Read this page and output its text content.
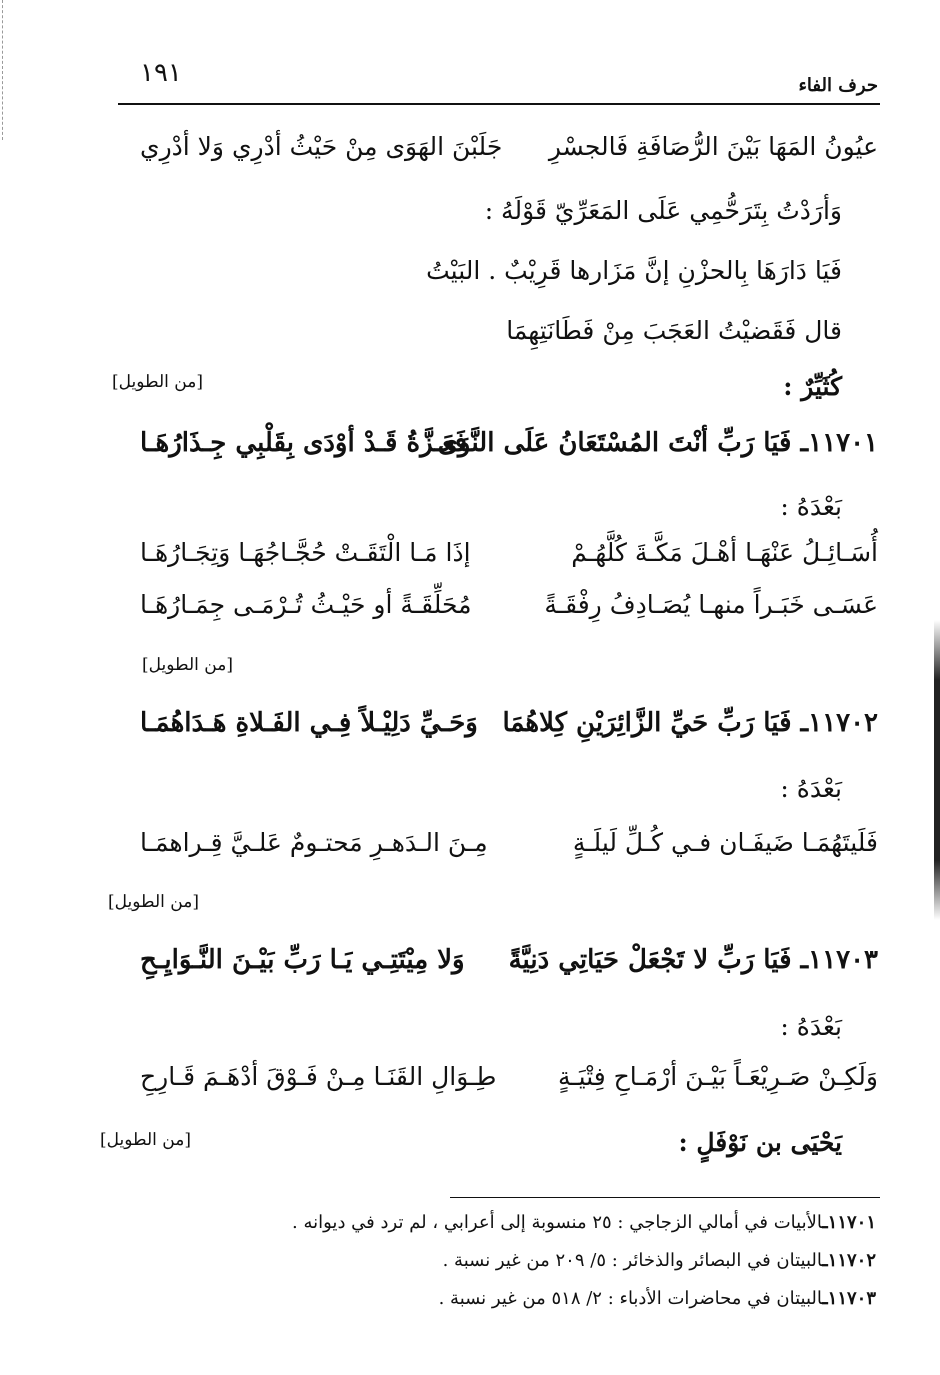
١٩١	حرف الفاء
عيُونُ المَهَا بَيْنَ الرُّصَافَةِ فَالجسْرِ
جَلَبْنَ الهَوَى مِنْ حَيْثُ أدْرِي وَلا أدْرِي
وَأرَدْتُ بِتَرَحُّمِي عَلَى المَعَرِّيّ قَوْلَهُ :
فَيَا دَارَهَا بِالحزْنِ إنَّ مَزَارها قَرِيْبٌ . البَيْتُ
قال فَقَضيْتُ العَجَبَ مِنْ فَطَانَتِهِمَا
كُثَيِّرٌ :
[من الطويل]
١١٧٠١ـ فَيَا رَبِّ أنْتَ المُسْتَعَانُ عَلَى النَّوَى
فَعَـزَّةُ قَـدْ أوْدَى بِقَلْبِي جِـذَارُهَـا
بَعْدَهُ :
أُسَـائِـلُ عَنْهَـا أهْـلَ مَكَّـةَ كُلَّهُـمْ
إذَا مَـا الْتَقَـتْ حُجَّـاجُهَـا وَتِجَـارُهَـا
عَسَـى خَبَـراً منهـا يُصَـادِفُ رِفْقَـةً
مُحَلِّقَـةً أو حَيْـثُ تُـرْمَـى جِمَـارُهَـا
[من الطويل]
١١٧٠٢ـ فَيَا رَبِّ حَيِّ الزَّائِرَيْنِ كِلاهُمَا
وَحَـيِّ دَلِيْـلاً فِـي الفَـلاةِ هَـدَاهُمَـا
بَعْدَهُ :
فَلَيتَهُمَـا ضَيفَـان فـي كُـلِّ لَيلَـةٍ
مِـنَ الـدَهـرِ مَحتـومٌ عَلـيَّ قِـراهمَـا
[من الطويل]
١١٧٠٣ـ فَيَا رَبِّ لا تَجْعَلْ حَيَاتِي دَنِيَّةً
وَلا مِيْتَتِـي يَـا رَبِّ بَيْـنَ النَّـوَايِـحِ
بَعْدَهُ :
وَلَكِـنْ صَـرِيْعَـاً بَيْـنَ أرْمَـاحِ فِتْيَـةٍ
طِـوَالِ القَنَـا مِـنْ فَـوْقَ أدْهَـمَ قَـارِحِ
يَحْيَى بن نَوْفَلٍ :
[من الطويل]
١١٧٠١ـالأبيات في أمالي الزجاجي : ٢٥ منسوبة إلى أعرابي ، لم ترد في ديوانه .
١١٧٠٢ـالبيتان في البصائر والذخائر : ٥/ ٢٠٩ من غير نسبة .
١١٧٠٣ـالبيتان في محاضرات الأدباء : ٢/ ٥١٨ من غير نسبة .
